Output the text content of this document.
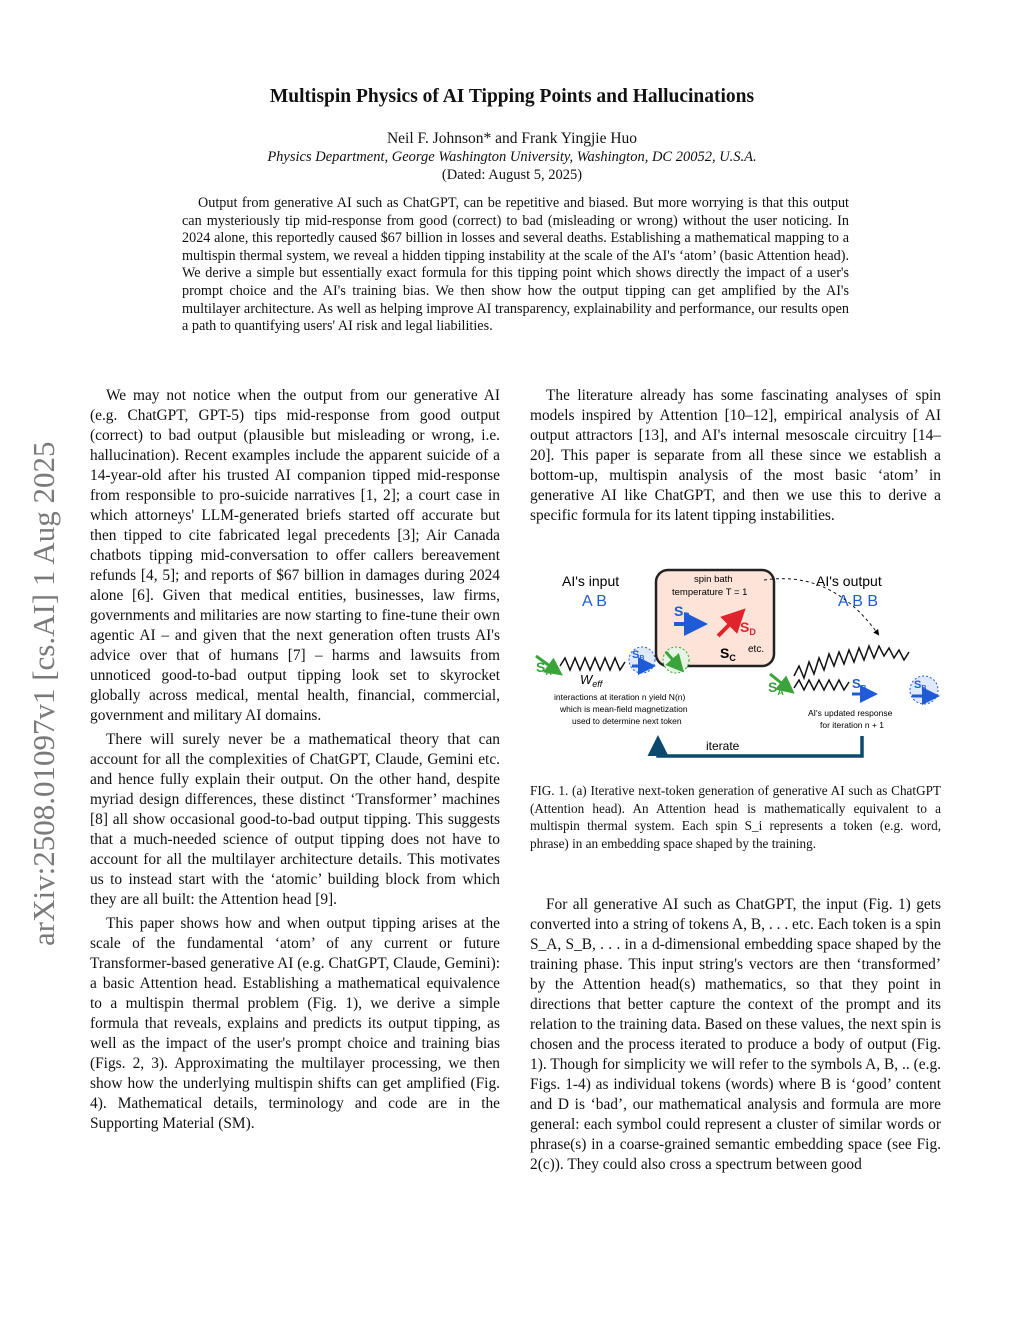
Multispin Physics of AI Tipping Points and Hallucinations
Neil F. Johnson* and Frank Yingjie Huo
Physics Department, George Washington University, Washington, DC 20052, U.S.A.
(Dated: August 5, 2025)
Output from generative AI such as ChatGPT, can be repetitive and biased. But more worrying is that this output can mysteriously tip mid-response from good (correct) to bad (misleading or wrong) without the user noticing. In 2024 alone, this reportedly caused $67 billion in losses and several deaths. Establishing a mathematical mapping to a multispin thermal system, we reveal a hidden tipping instability at the scale of the AI's ‘atom’ (basic Attention head). We derive a simple but essentially exact formula for this tipping point which shows directly the impact of a user's prompt choice and the AI's training bias. We then show how the output tipping can get amplified by the AI's multilayer architecture. As well as helping improve AI transparency, explainability and performance, our results open a path to quantifying users' AI risk and legal liabilities.
arXiv:2508.01097v1 [cs.AI] 1 Aug 2025

We may not notice when the output from our generative AI (e.g. ChatGPT, GPT-5) tips mid-response from good output (correct) to bad output (plausible but misleading or wrong, i.e. hallucination). Recent examples include the apparent suicide of a 14-year-old after his trusted AI companion tipped mid-response from responsible to pro-suicide narratives [1, 2]; a court case in which attorneys' LLM-generated briefs started off accurate but then tipped to cite fabricated legal precedents [3]; Air Canada chatbots tipping mid-conversation to offer callers bereavement refunds [4, 5]; and reports of $67 billion in damages during 2024 alone [6]. Given that medical entities, businesses, law firms, governments and militaries are now starting to fine-tune their own agentic AI – and given that the next generation often trusts AI's advice over that of humans [7] – harms and lawsuits from unnoticed good-to-bad output tipping look set to skyrocket globally across medical, mental health, financial, commercial, government and military AI domains.

There will surely never be a mathematical theory that can account for all the complexities of ChatGPT, Claude, Gemini etc. and hence fully explain their output. On the other hand, despite myriad design differences, these distinct ‘Transformer’ machines [8] all show occasional good-to-bad output tipping. This suggests that a much-needed science of output tipping does not have to account for all the multilayer architecture details. This motivates us to instead start with the ‘atomic’ building block from which they are all built: the Attention head [9].

This paper shows how and when output tipping arises at the scale of the fundamental ‘atom’ of any current or future Transformer-based generative AI (e.g. ChatGPT, Claude, Gemini): a basic Attention head. Establishing a mathematical equivalence to a multispin thermal problem (Fig. 1), we derive a simple formula that reveals, explains and predicts its output tipping, as well as the impact of the user's prompt choice and training bias (Figs. 2, 3). Approximating the multilayer processing, we then show how the underlying multispin shifts can get amplified (Fig. 4). Mathematical details, terminology and code are in the Supporting Material (SM).

The literature already has some fascinating analyses of spin models inspired by Attention [10–12], empirical analysis of AI output attractors [13], and AI's internal mesoscale circuitry [14–20]. This paper is separate from all these since we establish a bottom-up, multispin analysis of the most basic ‘atom’ in generative AI like ChatGPT, and then we use this to derive a specific formula for its latent tipping instabilities.

AI's input
A B
AI's output
A B B
spin bath
temperature T = 1
$S_B$
$S_D$
$S_C$
etc.
SB
$S_A$ $W_{eff}$
interactions at iteration n yield N(n)
which is mean-field magnetization
used to determine next token
$S_A$
$S_B$	SB
AI's updated response
for iteration n + 1
iterate
FIG. 1. (a) Iterative next-token generation of generative AI such as ChatGPT (Attention head). An Attention head is mathematically equivalent to a multispin thermal system. Each spin S_i represents a token (e.g. word, phrase) in an embedding space shaped by the training.

For all generative AI such as ChatGPT, the input (Fig. 1) gets converted into a string of tokens A, B, . . . etc. Each token is a spin S_A, S_B, . . . in a d-dimensional embedding space shaped by the training phase. This input string's vectors are then ‘transformed’ by the Attention head(s) mathematics, so that they point in directions that better capture the context of the prompt and its relation to the training data. Based on these values, the next spin is chosen and the process iterated to produce a body of output (Fig. 1). Though for simplicity we will refer to the symbols A, B, .. (e.g. Figs. 1-4) as individual tokens (words) where B is ‘good’ content and D is ‘bad’, our mathematical analysis and formula are more general: each symbol could represent a cluster of similar words or phrase(s) in a coarse-grained semantic embedding space (see Fig. 2(c)). They could also cross a spectrum between good
